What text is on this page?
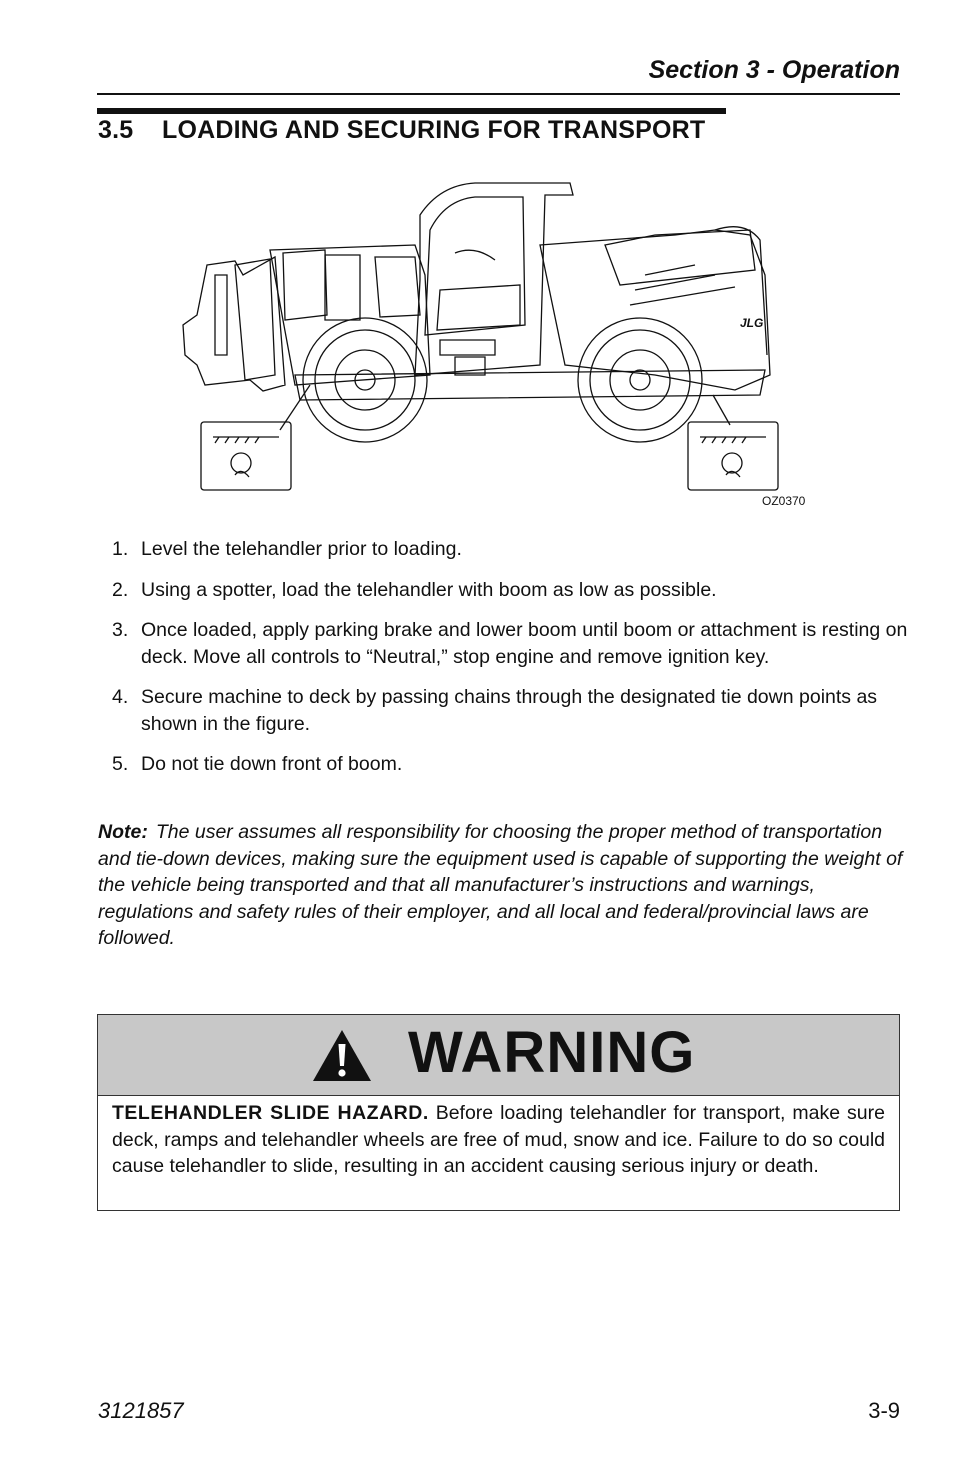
Section 3 - Operation
3.5 LOADING AND SECURING FOR TRANSPORT
JLG
OZ0370
1. Level the telehandler prior to loading.
2. Using a spotter, load the telehandler with boom as low as possible.
3. Once loaded, apply parking brake and lower boom until boom or attachment is resting on deck. Move all controls to “Neutral,” stop engine and remove ignition key.
4. Secure machine to deck by passing chains through the designated tie down points as shown in the figure.
5. Do not tie down front of boom.
Note: The user assumes all responsibility for choosing the proper method of transportation and tie-down devices, making sure the equipment used is capable of supporting the weight of the vehicle being transported and that all manufacturer’s instructions and warnings, regulations and safety rules of their employer, and all local and federal/provincial laws are followed.
WARNING
TELEHANDLER SLIDE HAZARD. Before loading telehandler for transport, make sure deck, ramps and telehandler wheels are free of mud, snow and ice. Failure to do so could cause telehandler to slide, resulting in an accident causing serious injury or death.
3121857	3-9
